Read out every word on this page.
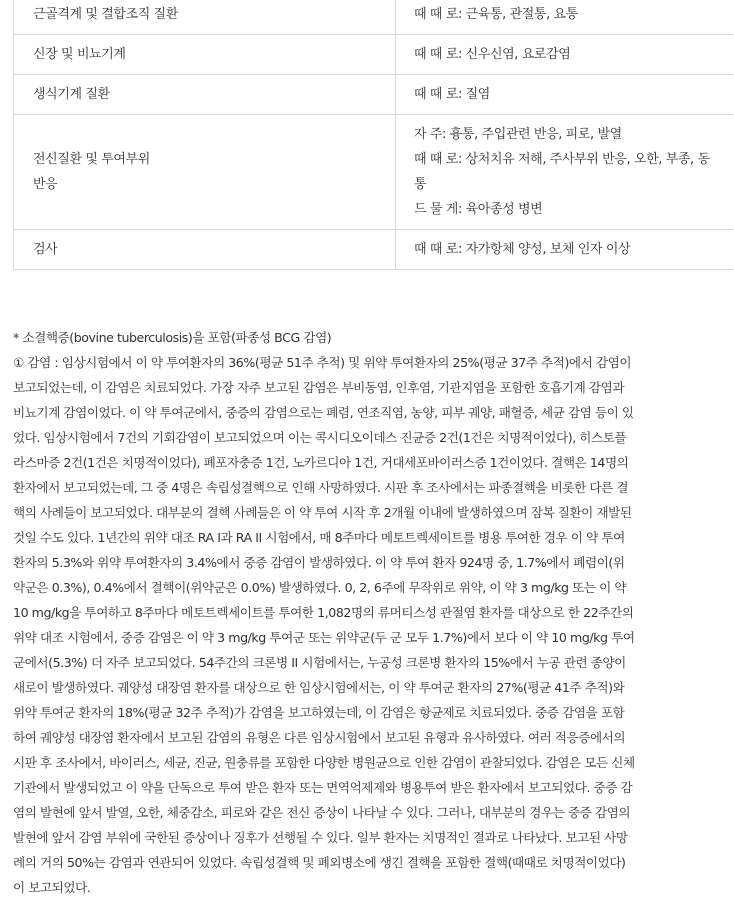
근골격계 및 결합조직 질환	때 때 로: 근육통, 관절통, 요통

신장 및 비뇨기계	때 때 로: 신우신염, 요로감염

생식기계 질환	때 때 로: 질염

전신질환 및 투여부위
반응	자 주: 흉통, 주입관련 반응, 피로, 발열
때 때 로: 상처치유 저해, 주사부위 반응, 오한, 부종, 동
통
드 물 게: 육아종성 병변

검사	때 때 로: 자가항체 양성, 보체 인자 이상
* 소결핵증(bovine tuberculosis)을 포함(파종성 BCG 감염)
① 감염 : 임상시험에서 이 약 투여환자의 36%(평균 51주 추적) 및 위약 투여환자의 25%(평균 37주 추적)에서 감염이
보고되었는데, 이 감염은 치료되었다. 가장 자주 보고된 감염은 부비동염, 인후염, 기관지염을 포함한 호흡기계 감염과
비뇨기계 감염이었다. 이 약 투여군에서, 중증의 감염으로는 폐렴, 연조직염, 농양, 피부 궤양, 패혈증, 세균 감염 등이 있
었다. 임상시험에서 7건의 기회감염이 보고되었으며 이는 콕시디오이데스 진균증 2건(1건은 치명적이었다), 히스토플
라스마증 2건(1건은 치명적이었다), 폐포자충증 1건, 노카르디아 1건, 거대세포바이러스증 1건이었다. 결핵은 14명의
환자에서 보고되었는데, 그 중 4명은 속립성결핵으로 인해 사망하였다. 시판 후 조사에서는 파종결핵을 비롯한 다른 결
핵의 사례들이 보고되었다. 대부분의 결핵 사례들은 이 약 투여 시작 후 2개월 이내에 발생하였으며 잠복 질환이 재발된
것일 수도 있다. 1년간의 위약 대조 RA I과 RA II 시험에서, 매 8주마다 메토트렉세이트를 병용 투여한 경우 이 약 투여
환자의 5.3%와 위약 투여환자의 3.4%에서 중증 감염이 발생하였다. 이 약 투여 환자 924명 중, 1.7%에서 폐렴이(위
약군은 0.3%), 0.4%에서 결핵이(위약군은 0.0%) 발생하였다. 0, 2, 6주에 무작위로 위약, 이 약 3 mg/kg 또는 이 약
10 mg/kg을 투여하고 8주마다 메토트렉세이트를 투여한 1,082명의 류머티스성 관절염 환자를 대상으로 한 22주간의
위약 대조 시험에서, 중증 감염은 이 약 3 mg/kg 투여군 또는 위약군(두 군 모두 1.7%)에서 보다 이 약 10 mg/kg 투여
군에서(5.3%) 더 자주 보고되었다. 54주간의 크론병 II 시험에서는, 누공성 크론병 환자의 15%에서 누공 관련 종양이
새로이 발생하였다. 궤양성 대장염 환자를 대상으로 한 임상시험에서는, 이 약 투여군 환자의 27%(평균 41주 추적)와
위약 투여군 환자의 18%(평균 32주 추적)가 감염을 보고하였는데, 이 감염은 항균제로 치료되었다. 중증 감염을 포함
하여 궤양성 대장염 환자에서 보고된 감염의 유형은 다른 임상시험에서 보고된 유형과 유사하였다. 여러 적응증에서의
시판 후 조사에서, 바이러스, 세균, 진균, 원충류를 포함한 다양한 병원균으로 인한 감염이 관찰되었다. 감염은 모든 신체
기관에서 발생되었고 이 약을 단독으로 투여 받은 환자 또는 면역억제제와 병용투여 받은 환자에서 보고되었다. 중증 감
염의 발현에 앞서 발열, 오한, 체중감소, 피로와 같은 전신 증상이 나타날 수 있다. 그러나, 대부분의 경우는 중증 감염의
발현에 앞서 감염 부위에 국한된 증상이나 징후가 선행될 수 있다. 일부 환자는 치명적인 결과로 나타났다. 보고된 사망
례의 거의 50%는 감염과 연관되어 있었다. 속립성결핵 및 폐외병소에 생긴 결핵을 포함한 결핵(때때로 치명적이었다)
이 보고되었다.
